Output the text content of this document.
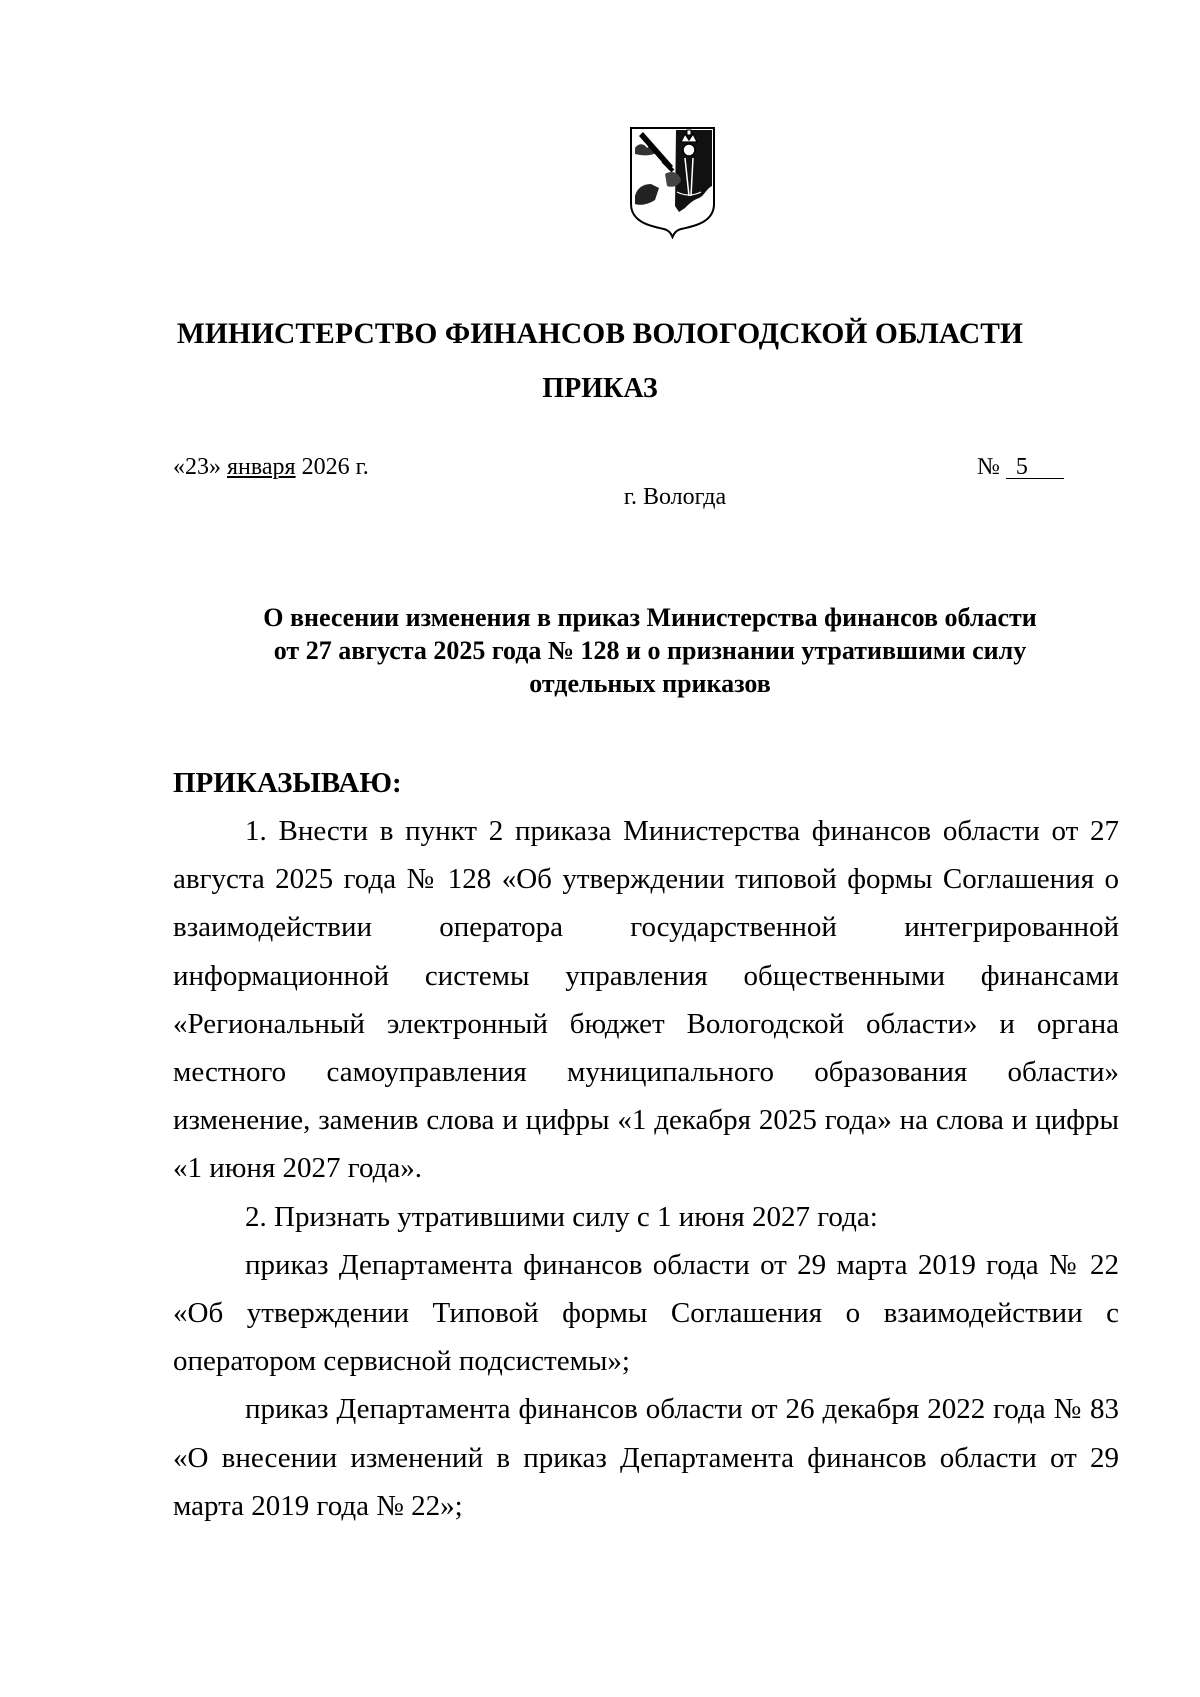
МИНИСТЕРСТВО ФИНАНСОВ ВОЛОГОДСКОЙ ОБЛАСТИ
ПРИКАЗ
«23» января 2026 г.	№ 5
г. Вологда
О внесении изменения в приказ Министерства финансов области
от 27 августа 2025 года № 128 и о признании утратившими силу
отдельных приказов
ПРИКАЗЫВАЮ:

1. Внести в пункт 2 приказа Министерства финансов области от 27 августа 2025 года № 128 «Об утверждении типовой формы Соглашения о взаимодействии оператора государственной интегрированной информационной системы управления общественными финансами «Региональный электронный бюджет Вологодской области» и органа местного самоуправления муниципального образования области» изменение, заменив слова и цифры «1 декабря 2025 года» на слова и цифры «1 июня 2027 года».

2. Признать утратившими силу с 1 июня 2027 года:

приказ Департамента финансов области от 29 марта 2019 года № 22 «Об утверждении Типовой формы Соглашения о взаимодействии с оператором сервисной подсистемы»;

приказ Департамента финансов области от 26 декабря 2022 года № 83 «О внесении изменений в приказ Департамента финансов области от 29 марта 2019 года № 22»;
